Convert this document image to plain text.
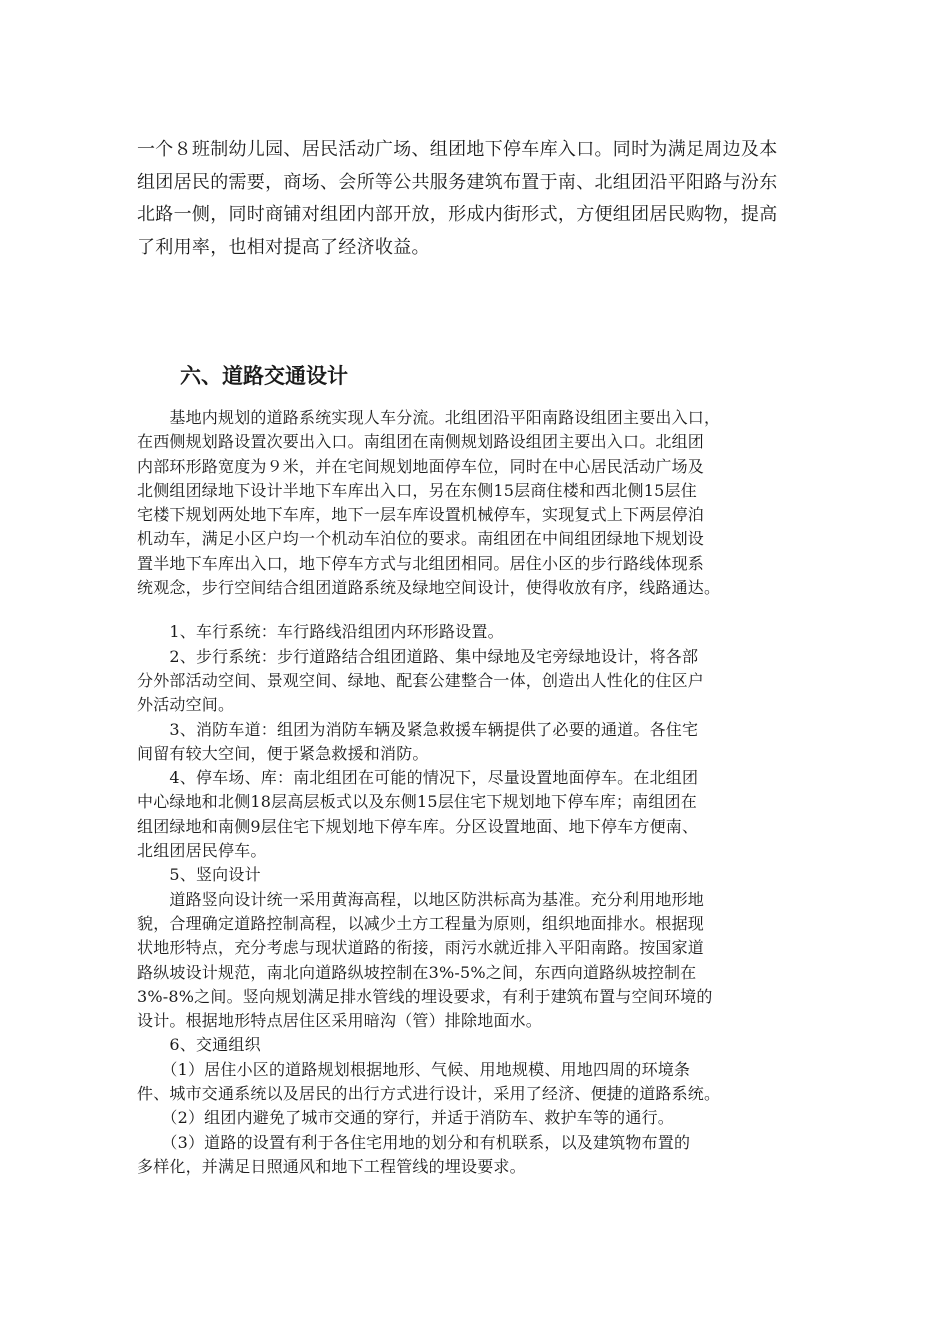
一个８班制幼儿园、居民活动广场、组团地下停车库入口。同时为满足周边及本
组团居民的需要，商场、会所等公共服务建筑布置于南、北组团沿平阳路与汾东
北路一侧，同时商铺对组团内部开放，形成内街形式，方便组团居民购物，提高
了利用率，也相对提高了经济收益。
六、道路交通设计
　　基地内规划的道路系统实现人车分流。北组团沿平阳南路设组团主要出入口，
在西侧规划路设置次要出入口。南组团在南侧规划路设组团主要出入口。北组团
内部环形路宽度为９米，并在宅间规划地面停车位，同时在中心居民活动广场及
北侧组团绿地下设计半地下车库出入口，另在东侧15层商住楼和西北侧15层住
宅楼下规划两处地下车库，地下一层车库设置机械停车，实现复式上下两层停泊
机动车，满足小区户均一个机动车泊位的要求。南组团在中间组团绿地下规划设
置半地下车库出入口，地下停车方式与北组团相同。居住小区的步行路线体现系
统观念，步行空间结合组团道路系统及绿地空间设计，使得收放有序，线路通达。
　　1、车行系统：车行路线沿组团内环形路设置。
　　2、步行系统：步行道路结合组团道路、集中绿地及宅旁绿地设计，将各部
分外部活动空间、景观空间、绿地、配套公建整合一体，创造出人性化的住区户
外活动空间。
　　3、消防车道：组团为消防车辆及紧急救援车辆提供了必要的通道。各住宅
间留有较大空间，便于紧急救援和消防。
　　4、停车场、库：南北组团在可能的情况下，尽量设置地面停车。在北组团
中心绿地和北侧18层高层板式以及东侧15层住宅下规划地下停车库；南组团在
组团绿地和南侧9层住宅下规划地下停车库。分区设置地面、地下停车方便南、
北组团居民停车。
　　5、竖向设计
　　道路竖向设计统一采用黄海高程，以地区防洪标高为基准。充分利用地形地
貌，合理确定道路控制高程，以减少土方工程量为原则，组织地面排水。根据现
状地形特点，充分考虑与现状道路的衔接，雨污水就近排入平阳南路。按国家道
路纵坡设计规范，南北向道路纵坡控制在3%-5%之间，东西向道路纵坡控制在
3%-8%之间。竖向规划满足排水管线的埋设要求，有利于建筑布置与空间环境的
设计。根据地形特点居住区采用暗沟（管）排除地面水。
　　6、交通组织
　　（1）居住小区的道路规划根据地形、气候、用地规模、用地四周的环境条
件、城市交通系统以及居民的出行方式进行设计，采用了经济、便捷的道路系统。
　　（2）组团内避免了城市交通的穿行，并适于消防车、救护车等的通行。
　　（3）道路的设置有利于各住宅用地的划分和有机联系，以及建筑物布置的
多样化，并满足日照通风和地下工程管线的埋设要求。
